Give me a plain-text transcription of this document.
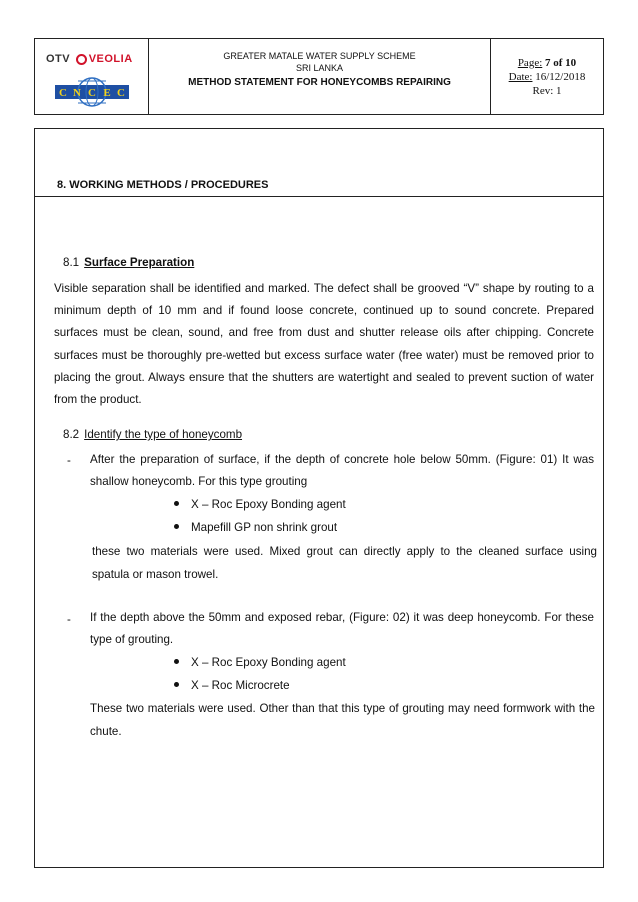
OTV
VEOLIA
C N C E C
GREATER MATALE WATER SUPPLY SCHEME
SRI LANKA
METHOD STATEMENT FOR HONEYCOMBS REPAIRING
Page: 7 of 10
Date: 16/12/2018
Rev: 1
8. WORKING METHODS / PROCEDURES
8.1 Surface Preparation

Visible separation shall be identified and marked. The defect shall be grooved “V” shape by routing to a minimum depth of 10 mm and if found loose concrete, continued up to sound concrete. Prepared surfaces must be clean, sound, and free from dust and shutter release oils after chipping. Concrete surfaces must be thoroughly pre-wetted but excess surface water (free water) must be removed prior to placing the grout. Always ensure that the shutters are watertight and sealed to prevent suction of water from the product.

8.2 Identify the type of honeycomb
- After the preparation of surface, if the depth of concrete hole below 50mm. (Figure: 01) It was shallow honeycomb. For this type grouting

X – Roc Epoxy Bonding agent
Mapefill GP non shrink grout

these two materials were used. Mixed grout can directly apply to the cleaned surface using spatula or mason trowel.

- If the depth above the 50mm and exposed rebar, (Figure: 02) it was deep honeycomb. For these type of grouting.

X – Roc Epoxy Bonding agent
X – Roc Microcrete

These two materials were used. Other than that this type of grouting may need formwork with the chute.
